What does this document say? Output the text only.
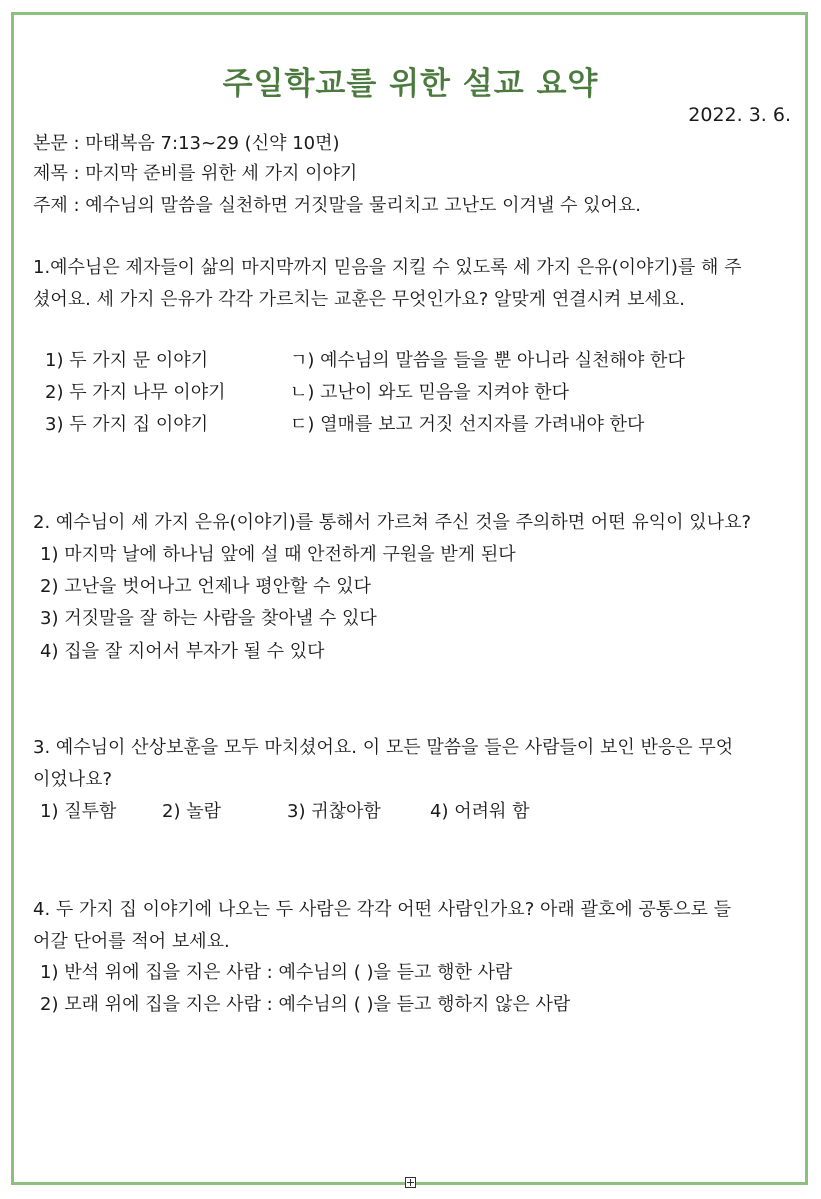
주일학교를 위한 설교 요약
2022. 3. 6.
본문 : 마태복음 7:13~29 (신약 10면)
제목 : 마지막 준비를 위한 세 가지 이야기
주제 : 예수님의 말씀을 실천하면 거짓말을 물리치고 고난도 이겨낼 수 있어요.
1.예수님은 제자들이 삶의 마지막까지 믿음을 지킬 수 있도록 세 가지 은유(이야기)를 해 주
셨어요. 세 가지 은유가 각각 가르치는 교훈은 무엇인가요? 알맞게 연결시켜 보세요.
1) 두 가지 문 이야기	ㄱ) 예수님의 말씀을 들을 뿐 아니라 실천해야 한다
2) 두 가지 나무 이야기	ㄴ) 고난이 와도 믿음을 지켜야 한다
3) 두 가지 집 이야기	ㄷ) 열매를 보고 거짓 선지자를 가려내야 한다
2. 예수님이 세 가지 은유(이야기)를 통해서 가르쳐 주신 것을 주의하면 어떤 유익이 있나요?
1) 마지막 날에 하나님 앞에 설 때 안전하게 구원을 받게 된다
2) 고난을 벗어나고 언제나 평안할 수 있다
3) 거짓말을 잘 하는 사람을 찾아낼 수 있다
4) 집을 잘 지어서 부자가 될 수 있다
3. 예수님이 산상보훈을 모두 마치셨어요. 이 모든 말씀을 들은 사람들이 보인 반응은 무엇
이었나요?
1) 질투함	2) 놀람	3) 귀찮아함	4) 어려워 함
4. 두 가지 집 이야기에 나오는 두 사람은 각각 어떤 사람인가요? 아래 괄호에 공통으로 들
어갈 단어를 적어 보세요.
1) 반석 위에 집을 지은 사람 : 예수님의 ( )을 듣고 행한 사람
2) 모래 위에 집을 지은 사람 : 예수님의 ( )을 듣고 행하지 않은 사람
